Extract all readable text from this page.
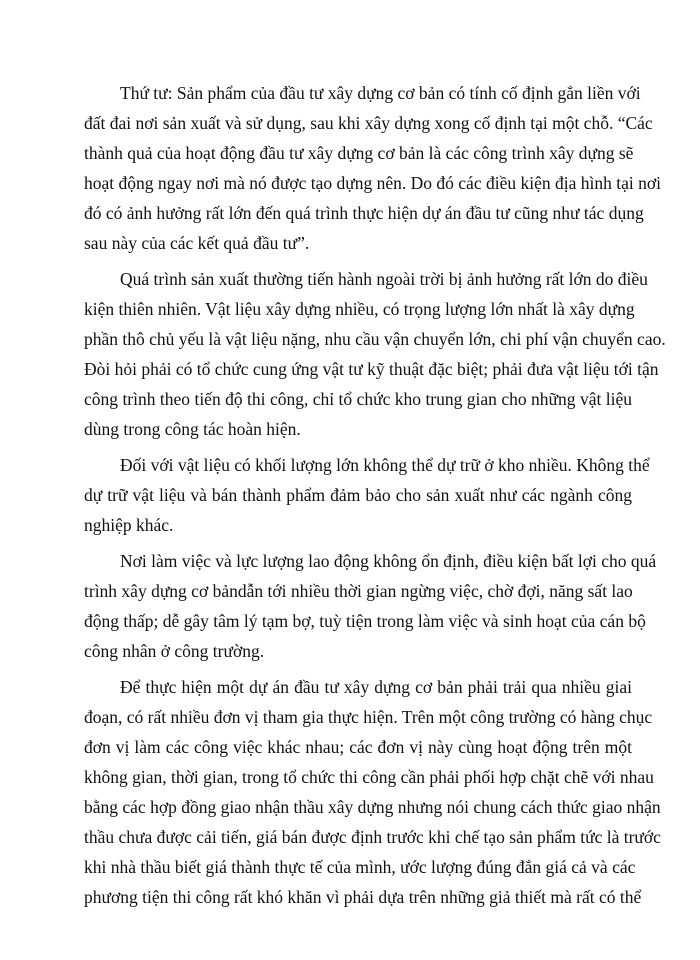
Thứ tư: Sản phẩm của đầu tư xây dựng cơ bản có tính cố định gắn liền với
đất đai nơi sản xuất và sử dụng, sau khi xây dựng xong cố định tại một chỗ. “Các
thành quả của hoạt động đầu tư xây dựng cơ bản là các công trình xây dựng sẽ
hoạt động ngay nơi mà nó được tạo dựng nên. Do đó các điều kiện địa hình tại nơi
đó có ảnh hưởng rất lớn đến quá trình thực hiện dự án đầu tư cũng như tác dụng
sau này của các kết quả đầu tư”.
Quá trình sản xuất thường tiến hành ngoài trời bị ảnh hưởng rất lớn do điều
kiện thiên nhiên. Vật liệu xây dựng nhiều, có trọng lượng lớn nhất là xây dựng
phần thô chủ yếu là vật liệu nặng, nhu cầu vận chuyển lớn, chi phí vận chuyển cao.
Đòi hỏi phải có tổ chức cung ứng vật tư kỹ thuật đặc biệt; phải đưa vật liệu tới tận
công trình theo tiến độ thi công, chỉ tổ chức kho trung gian cho những vật liệu
dùng trong công tác hoàn hiện.
Đối với vật liệu có khối lượng lớn không thể dự trữ ở kho nhiều. Không thể
dự trữ vật liệu và bán thành phẩm đảm bảo cho sản xuất như các ngành công
nghiệp khác.
Nơi làm việc và lực lượng lao động không ổn định, điều kiện bất lợi cho quá
trình xây dựng cơ bảndẫn tới nhiều thời gian ngừng việc, chờ đợi, năng sất lao
động thấp; dễ gây tâm lý tạm bợ, tuỳ tiện trong làm việc và sinh hoạt của cán bộ
công nhân ở công trường.
Để thực hiện một dự án đầu tư xây dựng cơ bản phải trải qua nhiều giai
đoạn, có rất nhiều đơn vị tham gia thực hiện. Trên một công trường có hàng chục
đơn vị làm các công việc khác nhau; các đơn vị này cùng hoạt động trên một
không gian, thời gian, trong tổ chức thi công cần phải phối hợp chặt chẽ với nhau
bằng các hợp đồng giao nhận thầu xây dựng nhưng nói chung cách thức giao nhận
thầu chưa được cải tiến, giá bán được định trước khi chế tạo sản phẩm tức là trước
khi nhà thầu biết giá thành thực tế của mình, ước lượng đúng đắn giá cả và các
phương tiện thi công rất khó khăn vì phải dựa trên những giả thiết mà rất có thể
